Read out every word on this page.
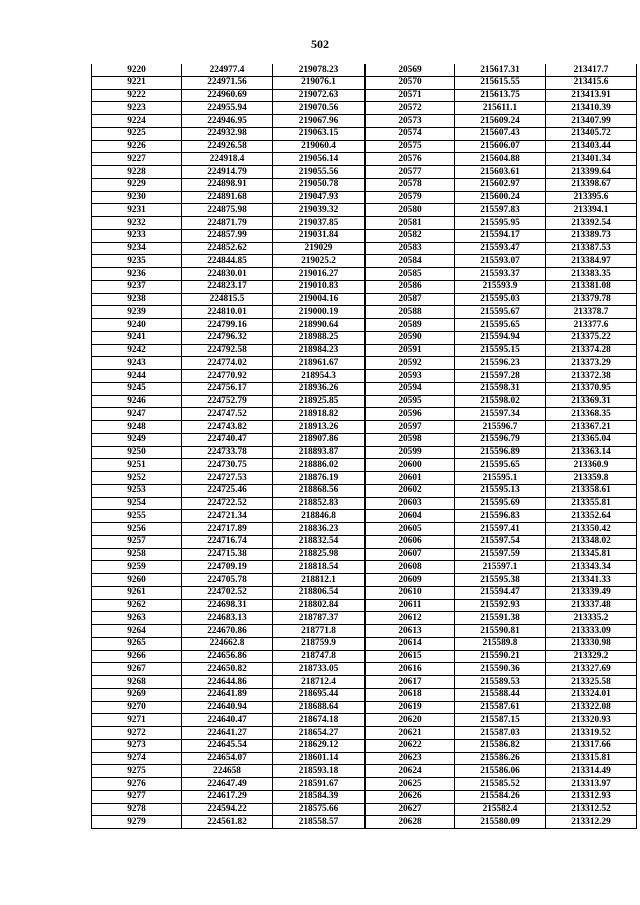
502
9220	224977.4	219078.23		20569	215617.31	213417.7
9221	224971.56	219076.1		20570	215615.55	213415.6
9222	224960.69	219072.63		20571	215613.75	213413.91
9223	224955.94	219070.56		20572	215611.1	213410.39
9224	224946.95	219067.96		20573	215609.24	213407.99
9225	224932.98	219063.15		20574	215607.43	213405.72
9226	224926.58	219060.4		20575	215606.07	213403.44
9227	224918.4	219056.14		20576	215604.88	213401.34
9228	224914.79	219055.56		20577	215603.61	213399.64
9229	224898.91	219050.78		20578	215602.97	213398.67
9230	224891.68	219047.93		20579	215600.24	213395.6
9231	224875.98	219039.32		20580	215597.83	213394.1
9232	224871.79	219037.85		20581	215595.95	213392.54
9233	224857.99	219031.84		20582	215594.17	213389.73
9234	224852.62	219029		20583	215593.47	213387.53
9235	224844.85	219025.2		20584	215593.07	213384.97
9236	224830.01	219016.27		20585	215593.37	213383.35
9237	224823.17	219010.83		20586	215593.9	213381.08
9238	224815.5	219004.16		20587	215595.03	213379.78
9239	224810.01	219000.19		20588	215595.67	213378.7
9240	224799.16	218990.64		20589	215595.65	213377.6
9241	224796.32	218988.25		20590	215594.94	213375.22
9242	224792.58	218984.23		20591	215595.15	213374.28
9243	224774.02	218961.67		20592	215596.23	213373.29
9244	224770.92	218954.3		20593	215597.28	213372.38
9245	224756.17	218936.26		20594	215598.31	213370.95
9246	224752.79	218925.85		20595	215598.02	213369.31
9247	224747.52	218918.82		20596	215597.34	213368.35
9248	224743.82	218913.26		20597	215596.7	213367.21
9249	224740.47	218907.86		20598	215596.79	213365.04
9250	224733.78	218893.87		20599	215596.89	213363.14
9251	224730.75	218886.02		20600	215595.65	213360.9
9252	224727.53	218876.19		20601	215595.1	213359.8
9253	224725.46	218868.56		20602	215595.13	213358.61
9254	224722.52	218852.83		20603	215595.69	213355.81
9255	224721.34	218846.8		20604	215596.83	213352.64
9256	224717.89	218836.23		20605	215597.41	213350.42
9257	224716.74	218832.54		20606	215597.54	213348.02
9258	224715.38	218825.98		20607	215597.59	213345.81
9259	224709.19	218818.54		20608	215597.1	213343.34
9260	224705.78	218812.1		20609	215595.38	213341.33
9261	224702.52	218806.54		20610	215594.47	213339.49
9262	224698.31	218802.84		20611	215592.93	213337.48
9263	224683.13	218787.37		20612	215591.38	213335.2
9264	224670.86	218771.8		20613	215590.81	213333.09
9265	224662.8	218759.9		20614	215589.8	213330.98
9266	224656.86	218747.8		20615	215590.21	213329.2
9267	224650.82	218733.05		20616	215590.36	213327.69
9268	224644.86	218712.4		20617	215589.53	213325.58
9269	224641.89	218695.44		20618	215588.44	213324.01
9270	224640.94	218688.64		20619	215587.61	213322.08
9271	224640.47	218674.18		20620	215587.15	213320.93
9272	224641.27	218654.27		20621	215587.03	213319.52
9273	224645.54	218629.12		20622	215586.82	213317.66
9274	224654.07	218601.14		20623	215586.26	213315.81
9275	224658	218593.18		20624	215586.06	213314.49
9276	224647.49	218591.67		20625	215585.52	213313.97
9277	224617.29	218584.39		20626	215584.26	213312.93
9278	224594.22	218575.66		20627	215582.4	213312.52
9279	224561.82	218558.57		20628	215580.09	213312.29
